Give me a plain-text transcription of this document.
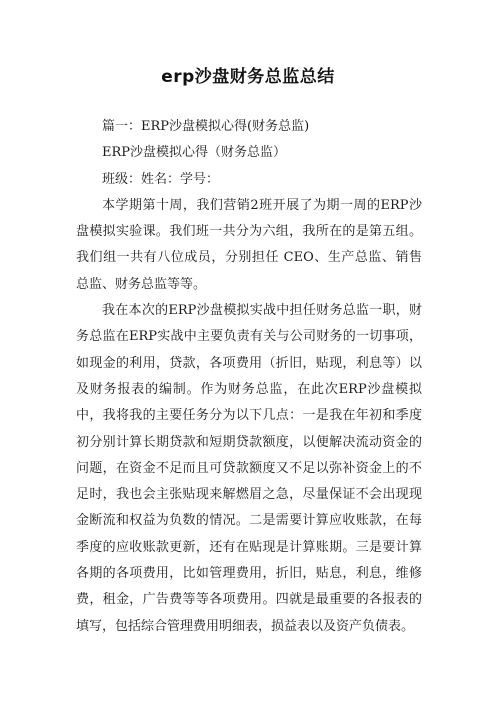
erp沙盘财务总监总结

篇一：ERP沙盘模拟心得(财务总监)

ERP沙盘模拟心得（财务总监）

班级：姓名：学号：

本学期第十周，我们营销2班开展了为期一周的ERP沙盘模拟实验课。我们班一共分为六组，我所在的是第五组。我们组一共有八位成员，分别担任 CEO、生产总监、销售总监、财务总监等等。

我在本次的ERP沙盘模拟实战中担任财务总监一职，财务总监在ERP实战中主要负责有关与公司财务的一切事项，如现金的利用，贷款，各项费用（折旧，贴现，利息等）以及财务报表的编制。作为财务总监，在此次ERP沙盘模拟中，我将我的主要任务分为以下几点：一是我在年初和季度初分别计算长期贷款和短期贷款额度，以便解决流动资金的问题，在资金不足而且可贷款额度又不足以弥补资金上的不足时，我也会主张贴现来解燃眉之急，尽量保证不会出现现金断流和权益为负数的情况。二是需要计算应收账款，在每季度的应收账款更新，还有在贴现是计算账期。三是要计算各期的各项费用，比如管理费用，折旧，贴息，利息，维修费，租金，广告费等等各项费用。四就是最重要的各报表的填写，包括综合管理费用明细表，损益表以及资产负债表。
